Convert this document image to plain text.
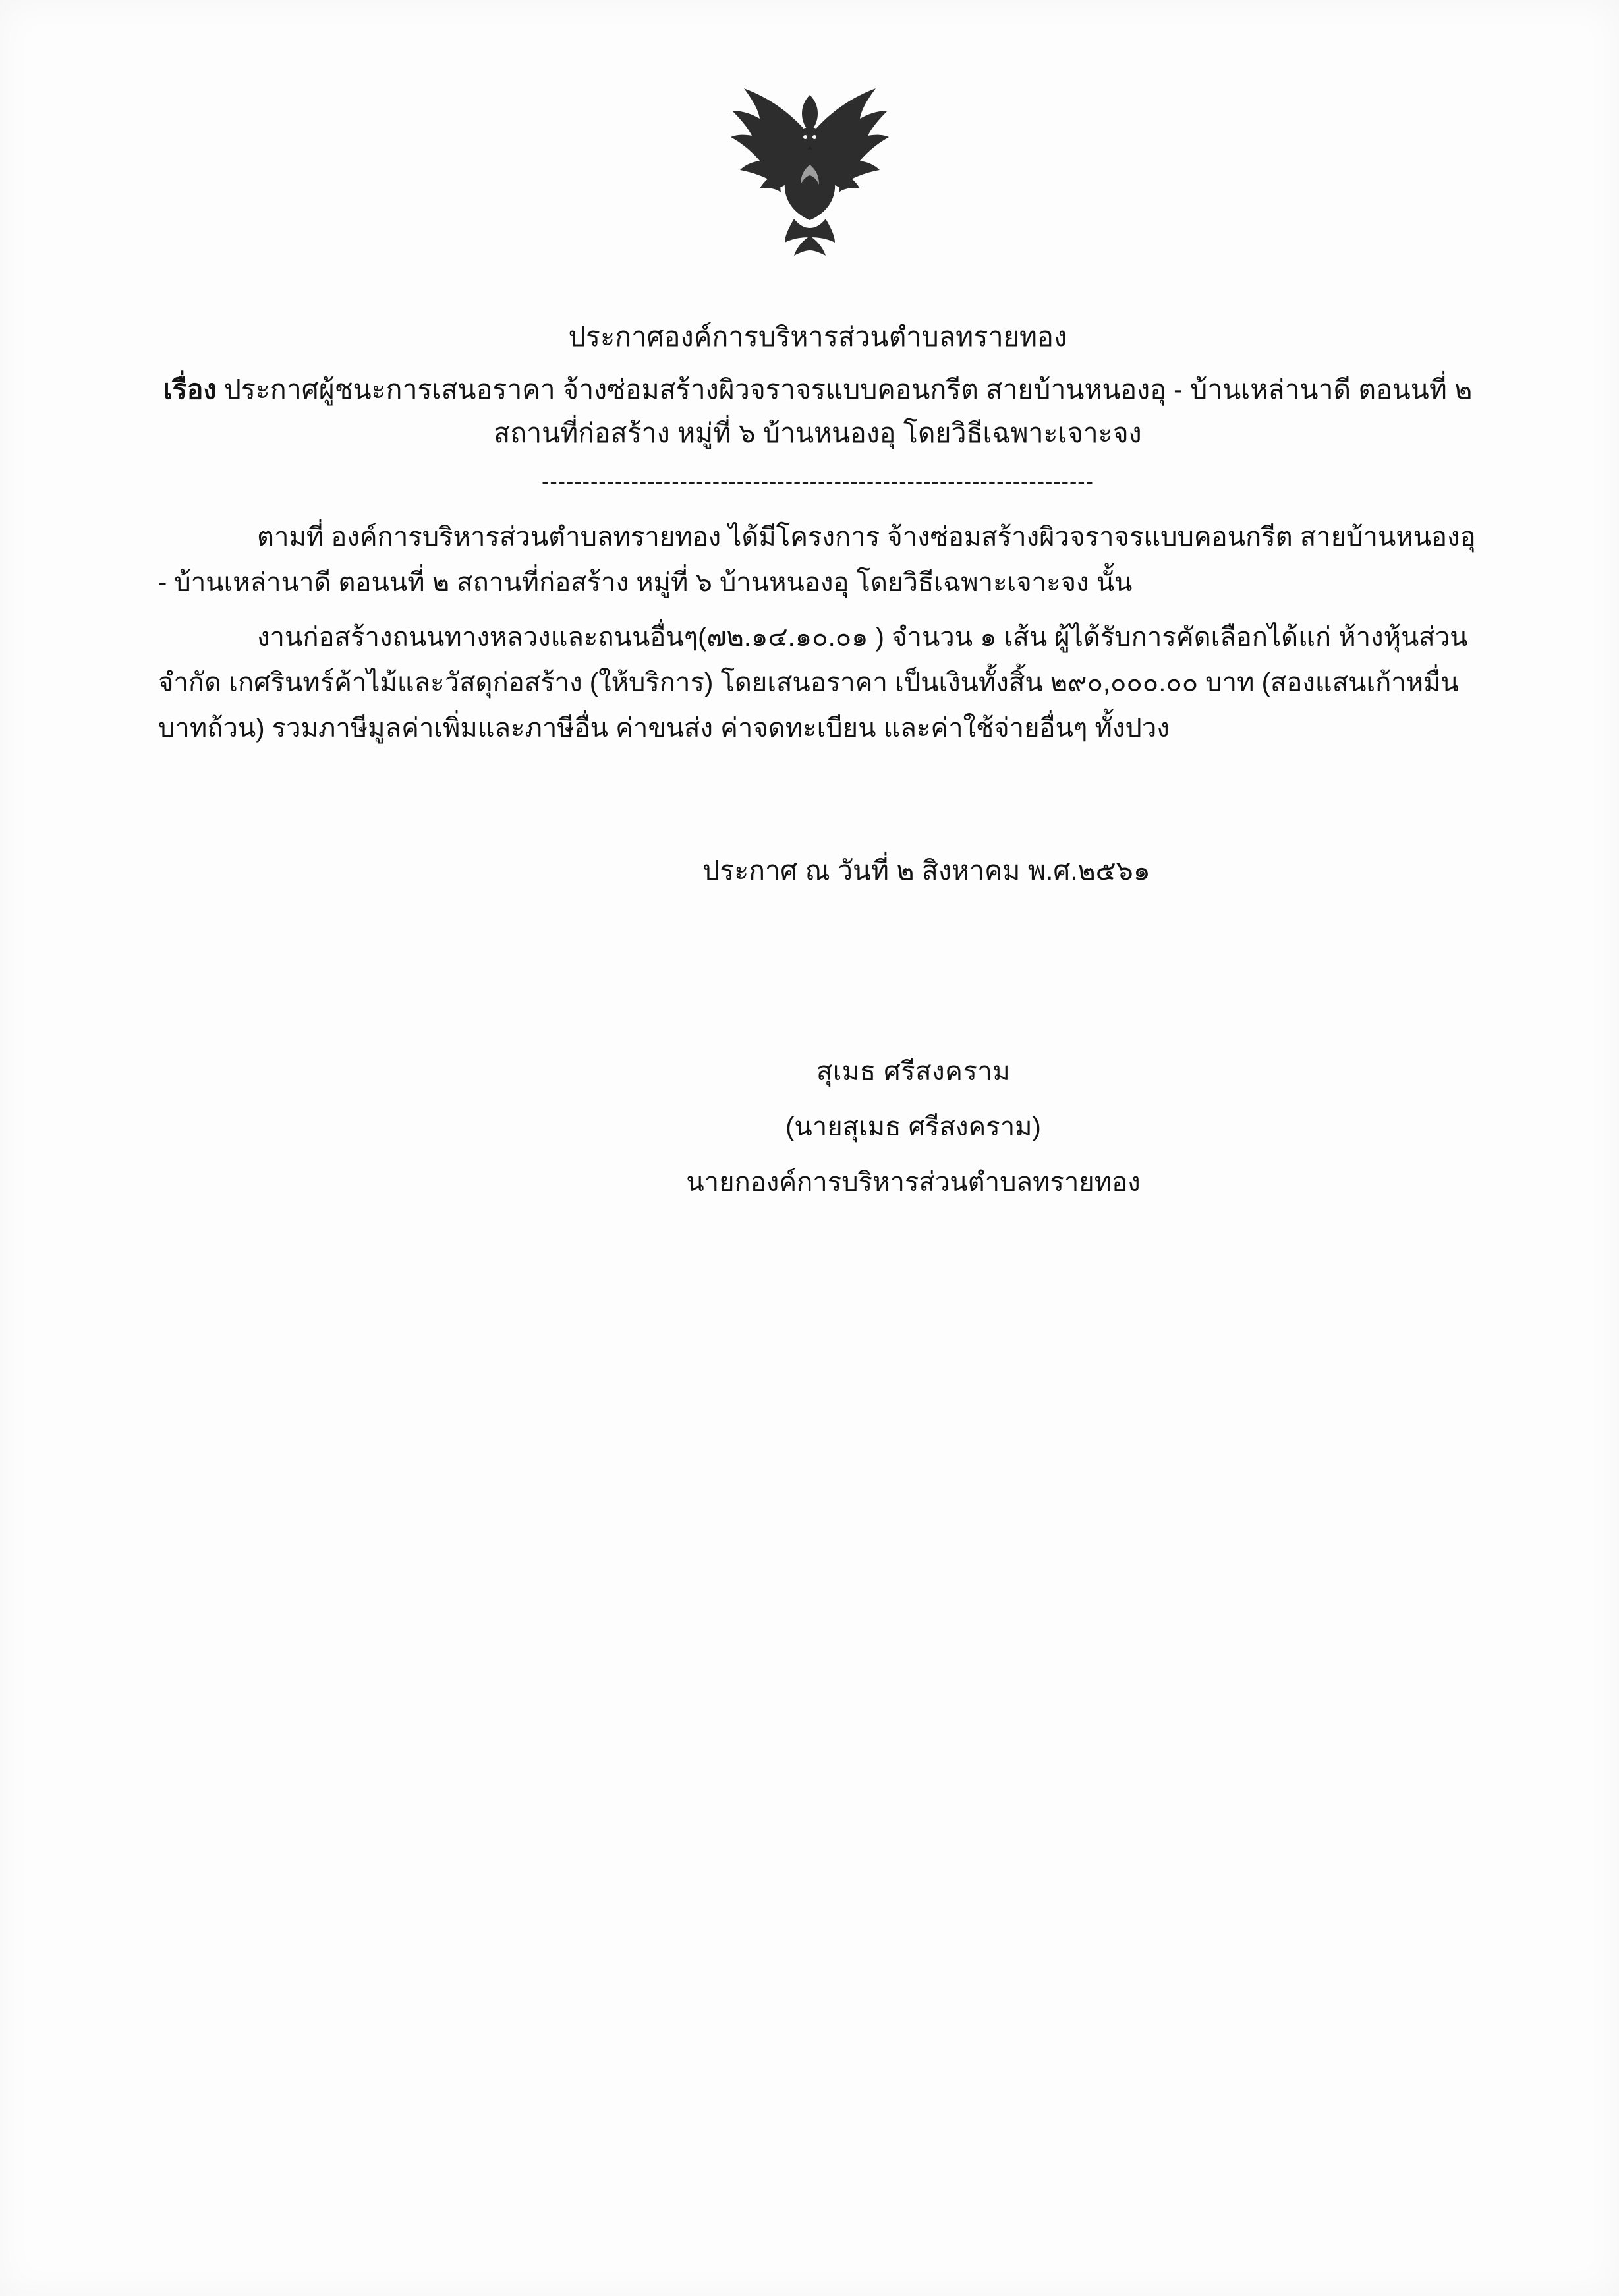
ประกาศองค์การบริหารส่วนตำบลทรายทอง
เรื่อง ประกาศผู้ชนะการเสนอราคา จ้างซ่อมสร้างผิวจราจรแบบคอนกรีต สายบ้านหนองอุ - บ้านเหล่านาดี ตอนนที่ ๒ สถานที่ก่อสร้าง หมู่ที่ ๖ บ้านหนองอุ โดยวิธีเฉพาะเจาะจง
--------------------------------------------------------------------
ตามที่ องค์การบริหารส่วนตำบลทรายทอง ได้มีโครงการ จ้างซ่อมสร้างผิวจราจรแบบคอนกรีต สายบ้านหนองอุ - บ้านเหล่านาดี ตอนนที่ ๒ สถานที่ก่อสร้าง หมู่ที่ ๖ บ้านหนองอุ โดยวิธีเฉพาะเจาะจง นั้น
งานก่อสร้างถนนทางหลวงและถนนอื่นๆ(๗๒.๑๔.๑๐.๐๑ ) จำนวน ๑ เส้น ผู้ได้รับการคัดเลือกได้แก่ ห้างหุ้นส่วนจำกัด เกศรินทร์ค้าไม้และวัสดุก่อสร้าง (ให้บริการ) โดยเสนอราคา เป็นเงินทั้งสิ้น ๒๙๐,๐๐๐.๐๐ บาท (สองแสนเก้าหมื่นบาทถ้วน) รวมภาษีมูลค่าเพิ่มและภาษีอื่น ค่าขนส่ง ค่าจดทะเบียน และค่าใช้จ่ายอื่นๆ ทั้งปวง
ประกาศ ณ วันที่ ๒ สิงหาคม พ.ศ.๒๕๖๑
สุเมธ ศรีสงคราม
(นายสุเมธ ศรีสงคราม)
นายกองค์การบริหารส่วนตำบลทรายทอง
